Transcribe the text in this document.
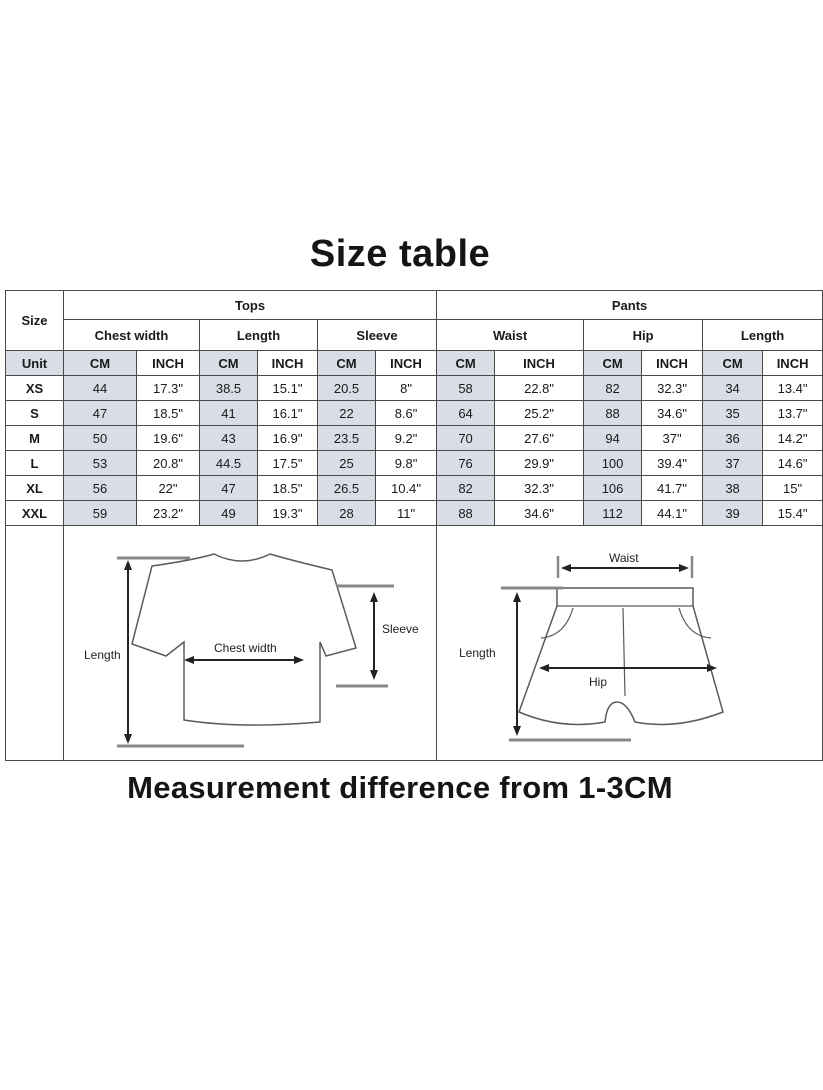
Size table
Size	Tops						Pants					
	Chest width		Length		Sleeve		Waist		Hip		Length	
Unit	CM	INCH	CM	INCH	CM	INCH	CM	INCH	CM	INCH	CM	INCH
XS	44	17.3"	38.5	15.1"	20.5	8"	58	22.8"	82	32.3"	34	13.4"
S	47	18.5"	41	16.1"	22	8.6"	64	25.2"	88	34.6"	35	13.7"
M	50	19.6"	43	16.9"	23.5	9.2"	70	27.6"	94	37"	36	14.2"
L	53	20.8"	44.5	17.5"	25	9.8"	76	29.9"	100	39.4"	37	14.6"
XL	56	22"	47	18.5"	26.5	10.4"	82	32.3"	106	41.7"	38	15"
XXL	59	23.2"	49	19.3"	28	11"	88	34.6"	112	44.1"	39	15.4"

Length Chest width
Sleeve						Waist
Length
Hip					
Measurement difference from 1-3CM
